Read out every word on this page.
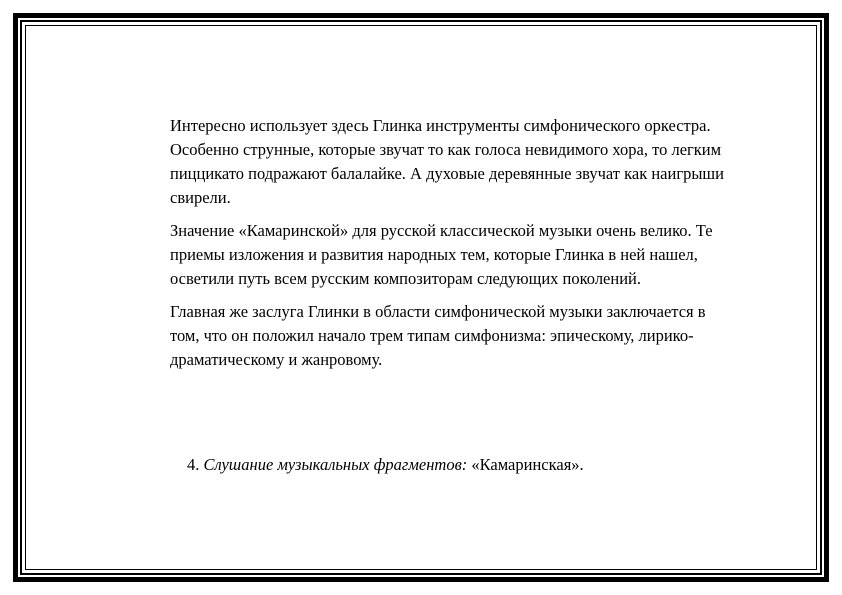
Интересно использует здесь Глинка инструменты симфонического оркестра. Особенно струнные, которые звучат то как голоса невидимого хора, то легким пиццикато подражают балалайке. А духовые деревянные звучат как наигрыши свирели.

Значение «Камаринской» для русской классической музыки очень велико. Те приемы изложения и развития народных тем, которые Глинка в ней нашел, осветили путь всем русским композиторам следующих поколений.

Главная же заслуга Глинки в области симфонической музыки заключается в том, что он положил начало трем типам симфонизма: эпическому, лирико-драматическому и жанровому.

4. Слушание музыкальных фрагментов: «Камаринская».
